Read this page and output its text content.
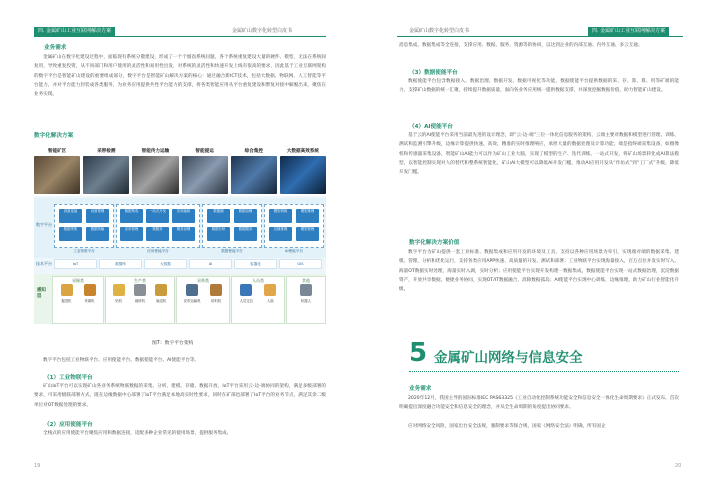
四. 金属矿山工业互联网解决方案	金属矿山数字化转型白皮书
业务需求
金属矿山在数字化建设过程中，面临现有系统分散建设，形成了一个个烟囱系统问题，各个系统重复建设大量的硬件、模型，无法在系统间复用，导致重复投资，从不同部门和用户使用的灵活性和易用性出发，对系统的灵活性和快速开发上线有很高的要求，因此基于工业互联网架构的数字平台是智能矿山建设的重要组成部分，数字平台是智能矿山解决方案的核心：通过融合新ICT技术，包括大数据、物联网、人工智能等平台能力，并对平台能力封装成各类服务，为业务应用提供共性平台能力的支撑，将各类智能应用从平台重复建设和繁复对接中解脱出来，聚焦在业务实现。
数字化解决方案
智能矿区	采带检测	智能传力运输	智能提运	综合集控	大数据高效系统
数字平台
设备连接	设备管理
数据采集	数据传输
工业物联平台
数据集成	一站式开发	应用编排
应用管理	微服务	服务治理
应用使能平台
数据湖	数据治理
数据分析	数据服务
数据使能平台
模型训练	模型推理
边缘推理	模型管理
AI使能平台
技术平台	IoT	数据库	大数据	AI	容器化	GIS
感知层
采掘类
掘进机	采煤机
生产类
钻机	破碎机	输送机
采带类
皮带运输机	给料机
人员类
人员定位	人脸
其他
机器人
图7：数字平台架构
数字平台包括工业物联平台、应用使能平台、数据使能平台、AI使能平台等。
（1）工业物联平台
矿山IoT平台可以实现矿山各业务系统物联数据的采集、分析、建模、存储、数据开放，IoT平台采用云-边-端协同的架构，满足多级部署的要求，可采用级联部署方式，既在边缘数据中心部署了IoT平台满足本地高实时性要求，同时在矿部也部署了IoT平台的业务节点，满足其余二级单位对OT数据处理的要求。
（2）应用使能平台
全栈式的应用使能平台聚焦应用和数据连接，适配多种企业常见的使用场景，提供服务集成、
19
金属矿山数字化转型白皮书	四. 金属矿山工业互联网解决方案
消息集成、数据集成等全连接，支撑应用、数据、服务、资源等的协同，以达到企业的内部互通、内外互通、多云互通。
（3）数据使能平台
数据使能平台包含数据接入、数据治理、数据开发、数据可视化等功能，数据使能平台提供数据的采、存、算、算、用等矿端的能力，支撑矿山数据的统一汇聚，持续提升数据质量，面向各业务应用统一提供数据支撑，并深度挖掘数据价值，助力智能矿山建设。
（4）AI使能平台
基于云的AI使能平台采用当前最先进的设计理念，即“云-边-端”三位一体化信息服务的架构，云端主要对数据和模型进行管理、训练、测试和监测引擎升级，边缘计算提供快速、高效、精准的实时推理响应，承担大量的数据处理及计算功能；端是指终端采集设备，如摄像机和传感器采集设备，智能矿山AI能力可以作为矿山工业大脑，实现了模型的生产、迭代训练、一站式开发，将矿山场景转化成AI算法模型，以智能控制实现对人的替代和整系统智能化，矿山AI大模型可以降低AI开发门槛，推动AI应用开发从“作坊式”到“工厂式”升级，降低开发门槛。
数字化解决方案价值
数字平台为矿山提供一套工业标准、数据集成和应用开发的环境及工具，支持以各种应用场景为牵引，实现端对端的数据采集、建模、管理，分析和优化运行，支持各类应用APP快速、高质量的开发、测试和部署；工业物联平台实现海量接入，百万点位并发实时写入，海量OT数据实时处理，海量实时入湖，实时分析；应用使能平台实现开发构建一数据集成，数据使能平台实现一站式数据治理，沉淀数据资产，开放共享数据，便捷业务协同，实现OT/IT数据融合，消除数据孤岛；AI使能平台实现中心训练，边缘推理，助力矿山行业智能化升级。
20
5 金属矿山网络与信息安全
业务需求
2020年12月，我国主导的国际标准IEC PAS63325《工业自动化控制系统功能安全和信息安全一体化生命周期要求》正式发布，首次明确提出深度融合功能安全和信息安全的理念，并从全生命周期的角度提出协同要求。
应对网络安全风险，国家出台安全法规，强制要求等保合规，国家《网络安全法》明确，所有国企
